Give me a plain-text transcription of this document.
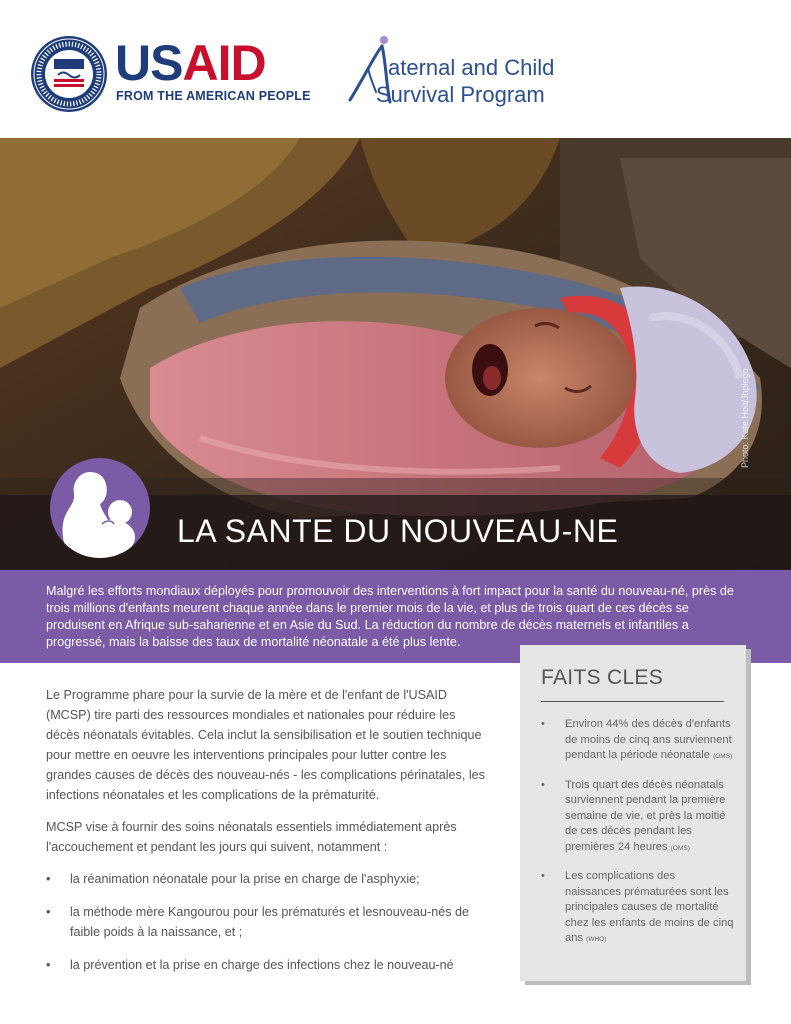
USAID
FROM THE AMERICAN PEOPLE
aternal and Child
Survival Program
Photo: Kate Holt/Jhpiego
LA SANTE DU NOUVEAU-NE

Malgré les efforts mondiaux déployés pour promouvoir des interventions à fort impact pour la santé du nouveau-né, près de trois millions d'enfants meurent chaque année dans le premier mois de la vie, et plus de trois quart de ces décès se produisent en Afrique sub-saharienne et en Asie du Sud. La réduction du nombre de décès maternels et infantiles a progressé, mais la baisse des taux de mortalité néonatale a été plus lente.

Le Programme phare pour la survie de la mère et de l'enfant de l'USAID (MCSP) tire parti des ressources mondiales et nationales pour réduire les décès néonatals évitables. Cela inclut la sensibilisation et le soutien technique pour mettre en oeuvre les interventions principales pour lutter contre les grandes causes de décès des nouveau-nés - les complications périnatales, les infections néonatales et les complications de la prématurité.

MCSP vise à fournir des soins néonatals essentiels immédiatement après l'accouchement et pendant les jours qui suivent, notamment :

• la réanimation néonatale pour la prise en charge de l'asphyxie;
• la méthode mère Kangourou pour les prématurés et lesnouveau-nés de faible poids à la naissance, et ;
• la prévention et la prise en charge des infections chez le nouveau-né
FAITS CLES
• Environ 44% des décès d'enfants de moins de cinq ans surviennent pendant la période néonatale (OMS)
• Trois quart des décès néonatals surviennent pendant la première semaine de vie, et près la moitié de ces décès pendant les premières 24 heures (OMS)
• Les complications des naissances prématurées sont les principales causes de mortalité chez les enfants de moins de cinq ans (WHO)
